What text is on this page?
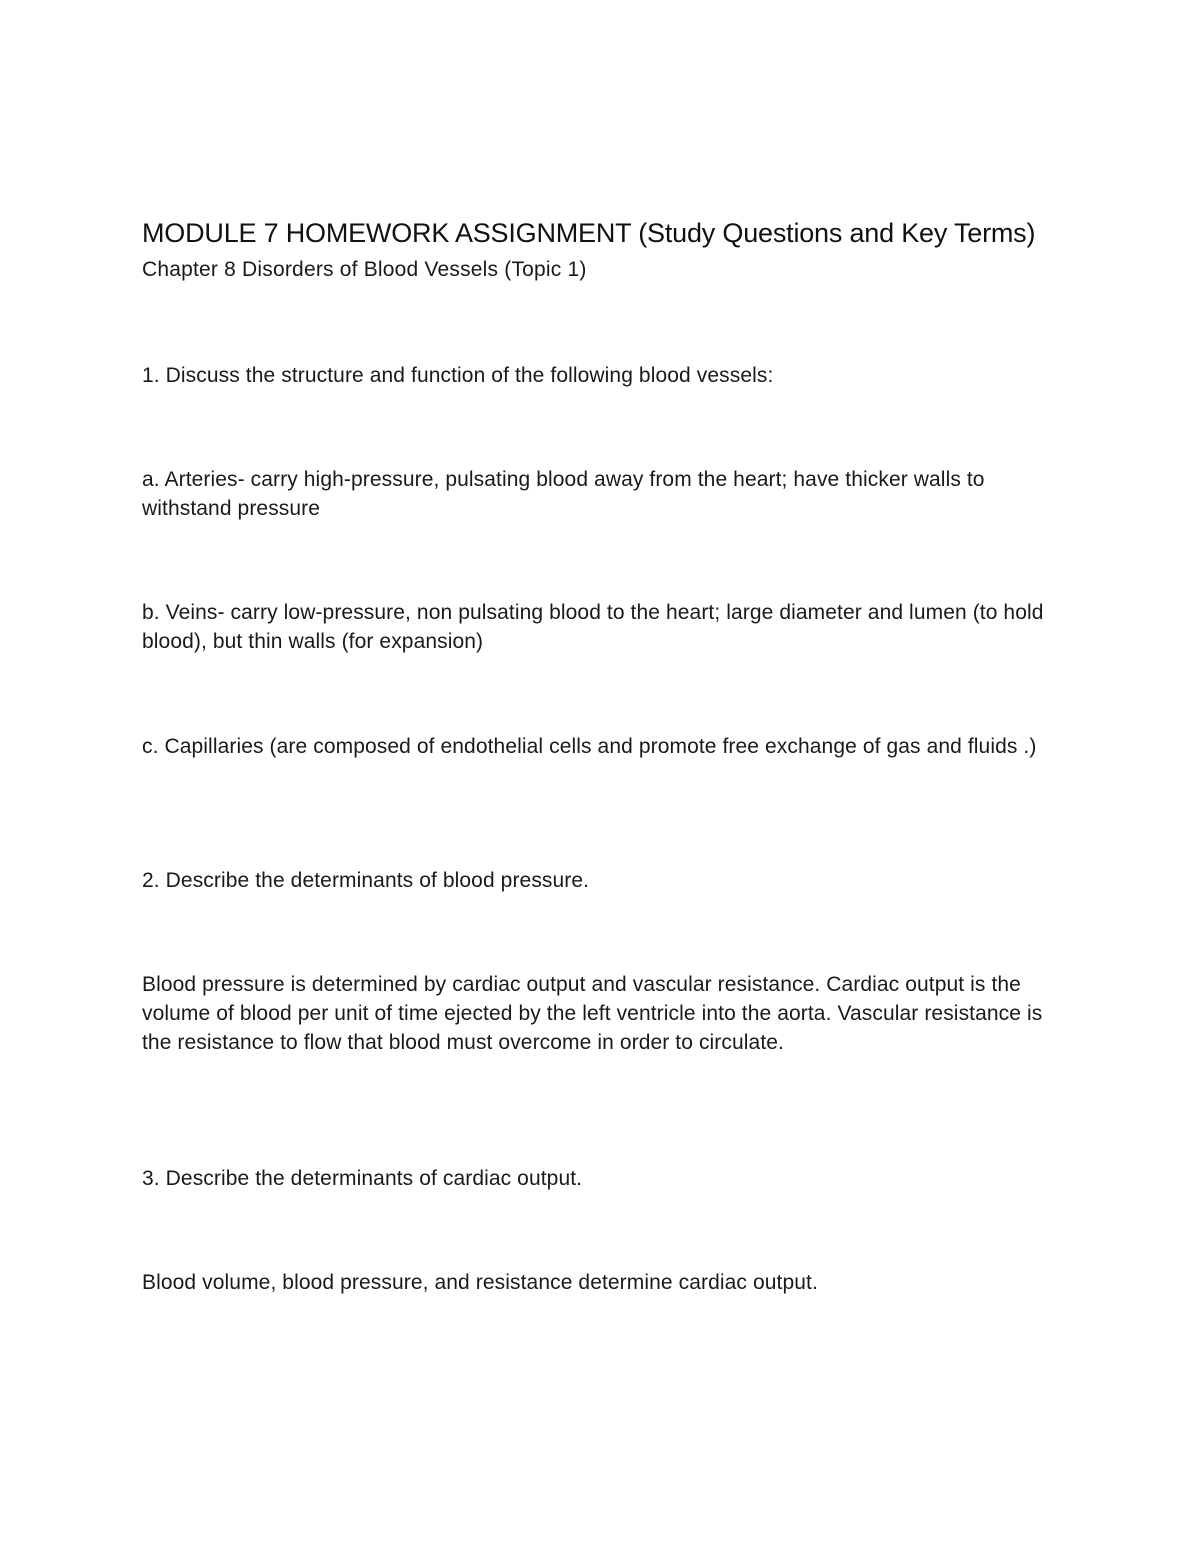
MODULE 7 HOMEWORK ASSIGNMENT (Study Questions and Key Terms)  Chapter 8 Disorders of Blood Vessels (Topic 1)

1. Discuss the structure and function of the following blood vessels:

a. Arteries- carry high-pressure, pulsating blood away from the heart; have thicker walls to withstand pressure

b. Veins- carry low-pressure, non pulsating blood to the heart; large diameter and lumen (to hold blood), but thin walls (for expansion)

c. Capillaries (are composed of endothelial cells and promote free exchange of gas and fluids .)

2. Describe the determinants of blood pressure.

Blood pressure is determined by cardiac output and vascular resistance. Cardiac output is the volume of blood per unit of time ejected by the left ventricle into the aorta. Vascular resistance is the resistance to flow that blood must overcome in order to circulate.

3. Describe the determinants of cardiac output.

Blood volume, blood pressure, and resistance determine cardiac output.
